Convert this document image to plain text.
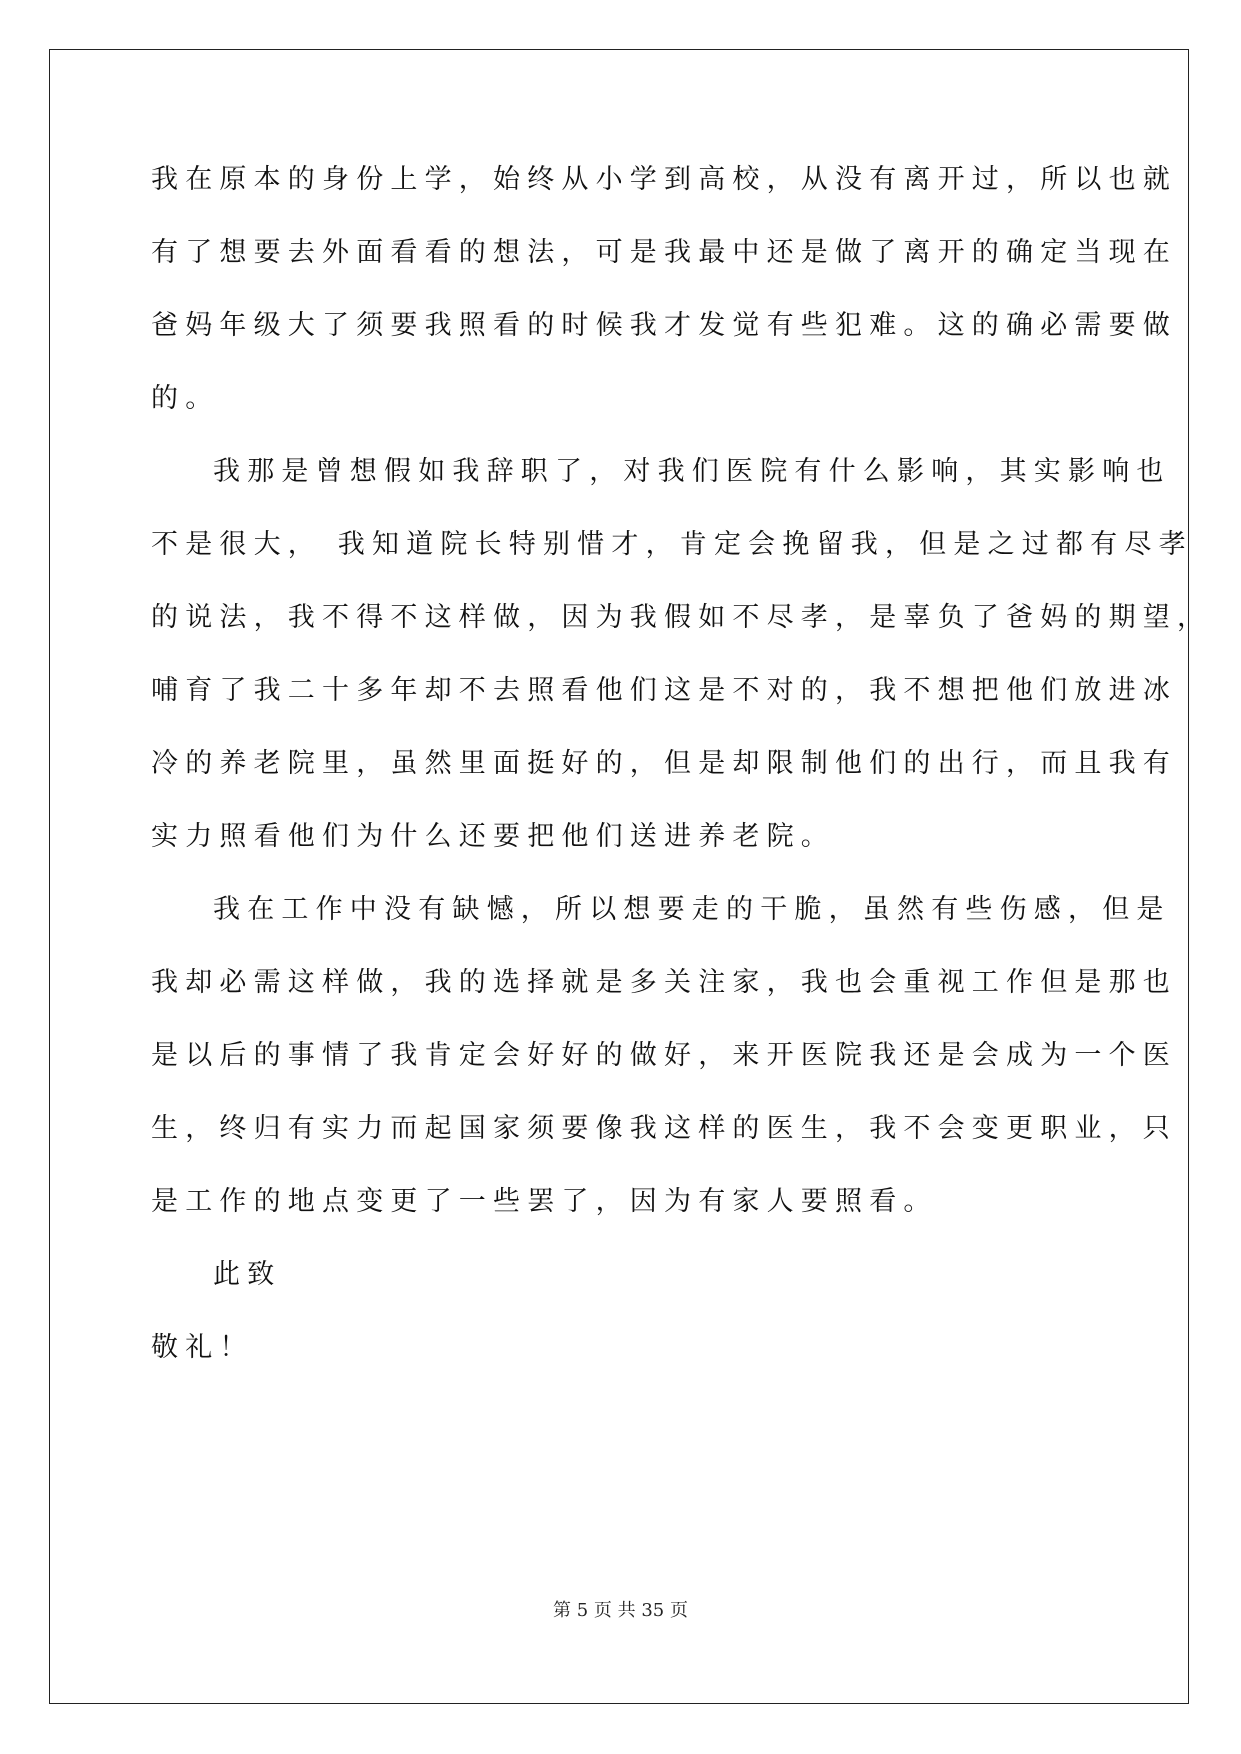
我在原本的身份上学，始终从小学到高校，从没有离开过，所以也就
有了想要去外面看看的想法，可是我最中还是做了离开的确定当现在
爸妈年级大了须要我照看的时候我才发觉有些犯难。这的确必需要做
的。
我那是曾想假如我辞职了，对我们医院有什么影响，其实影响也
不是很大， 我知道院长特别惜才，肯定会挽留我，但是之过都有尽孝
的说法，我不得不这样做，因为我假如不尽孝，是辜负了爸妈的期望，
哺育了我二十多年却不去照看他们这是不对的，我不想把他们放进冰
冷的养老院里，虽然里面挺好的，但是却限制他们的出行，而且我有
实力照看他们为什么还要把他们送进养老院。
我在工作中没有缺憾，所以想要走的干脆，虽然有些伤感，但是
我却必需这样做，我的选择就是多关注家，我也会重视工作但是那也
是以后的事情了我肯定会好好的做好，来开医院我还是会成为一个医
生，终归有实力而起国家须要像我这样的医生，我不会变更职业，只
是工作的地点变更了一些罢了，因为有家人要照看。
此致
敬礼！
第 5 页 共 35 页
